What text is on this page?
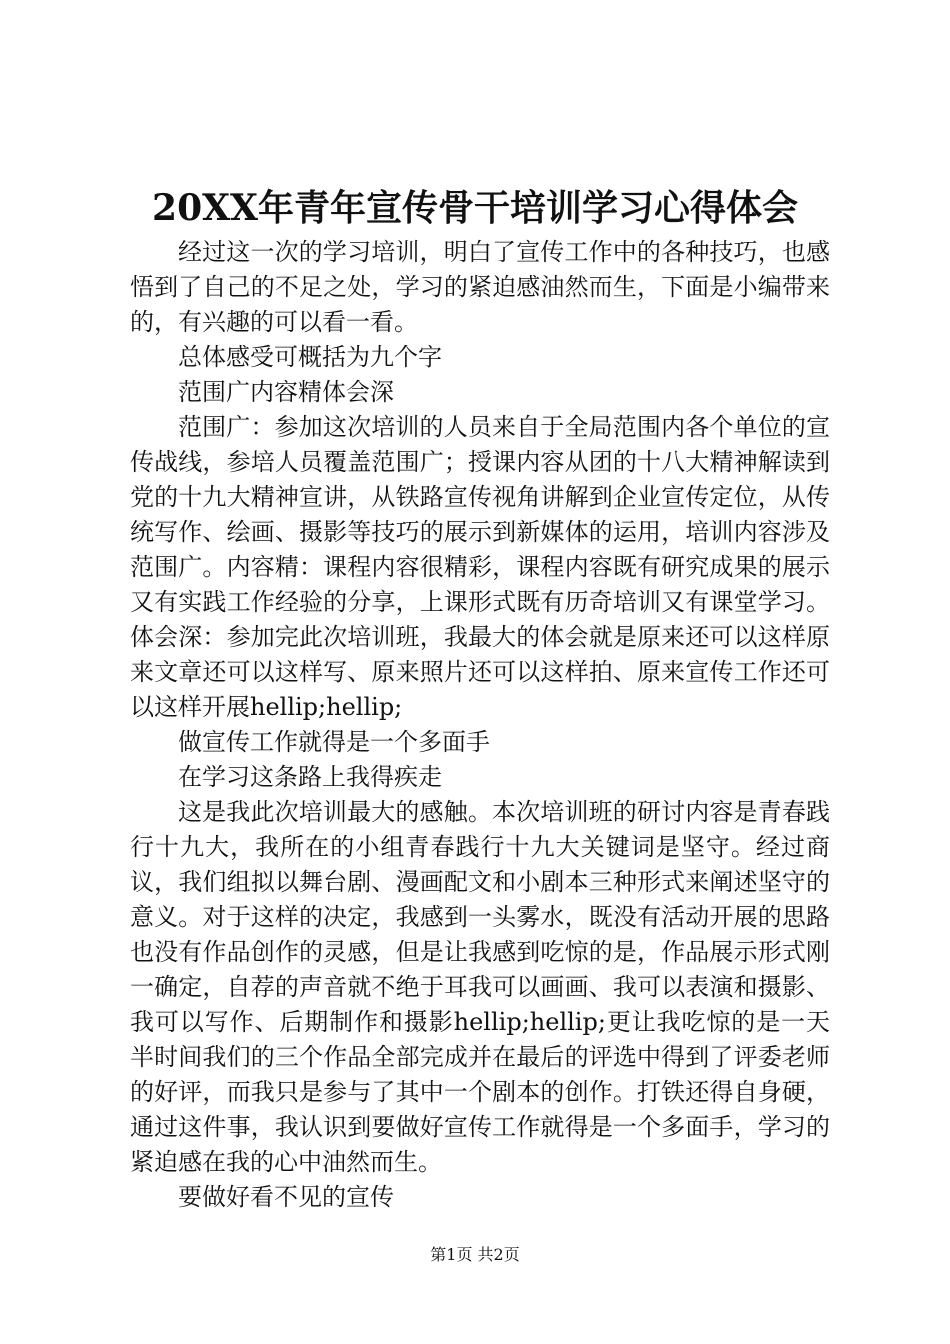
20XX年青年宣传骨干培训学习心得体会

经过这一次的学习培训，明白了宣传工作中的各种技巧，也感悟到了自己的不足之处，学习的紧迫感油然而生，下面是小编带来的，有兴趣的可以看一看。

总体感受可概括为九个字

范围广内容精体会深

范围广：参加这次培训的人员来自于全局范围内各个单位的宣传战线，参培人员覆盖范围广；授课内容从团的十八大精神解读到党的十九大精神宣讲，从铁路宣传视角讲解到企业宣传定位，从传统写作、绘画、摄影等技巧的展示到新媒体的运用，培训内容涉及范围广。内容精：课程内容很精彩，课程内容既有研究成果的展示又有实践工作经验的分享，上课形式既有历奇培训又有课堂学习。体会深：参加完此次培训班，我最大的体会就是原来还可以这样原来文章还可以这样写、原来照片还可以这样拍、原来宣传工作还可以这样开展hellip;hellip;

做宣传工作就得是一个多面手

在学习这条路上我得疾走

这是我此次培训最大的感触。本次培训班的研讨内容是青春践行十九大，我所在的小组青春践行十九大关键词是坚守。经过商议，我们组拟以舞台剧、漫画配文和小剧本三种形式来阐述坚守的意义。对于这样的决定，我感到一头雾水，既没有活动开展的思路也没有作品创作的灵感，但是让我感到吃惊的是，作品展示形式刚一确定，自荐的声音就不绝于耳我可以画画、我可以表演和摄影、我可以写作、后期制作和摄影hellip;hellip;更让我吃惊的是一天半时间我们的三个作品全部完成并在最后的评选中得到了评委老师的好评，而我只是参与了其中一个剧本的创作。打铁还得自身硬，通过这件事，我认识到要做好宣传工作就得是一个多面手，学习的紧迫感在我的心中油然而生。

要做好看不见的宣传

第1页 共2页
